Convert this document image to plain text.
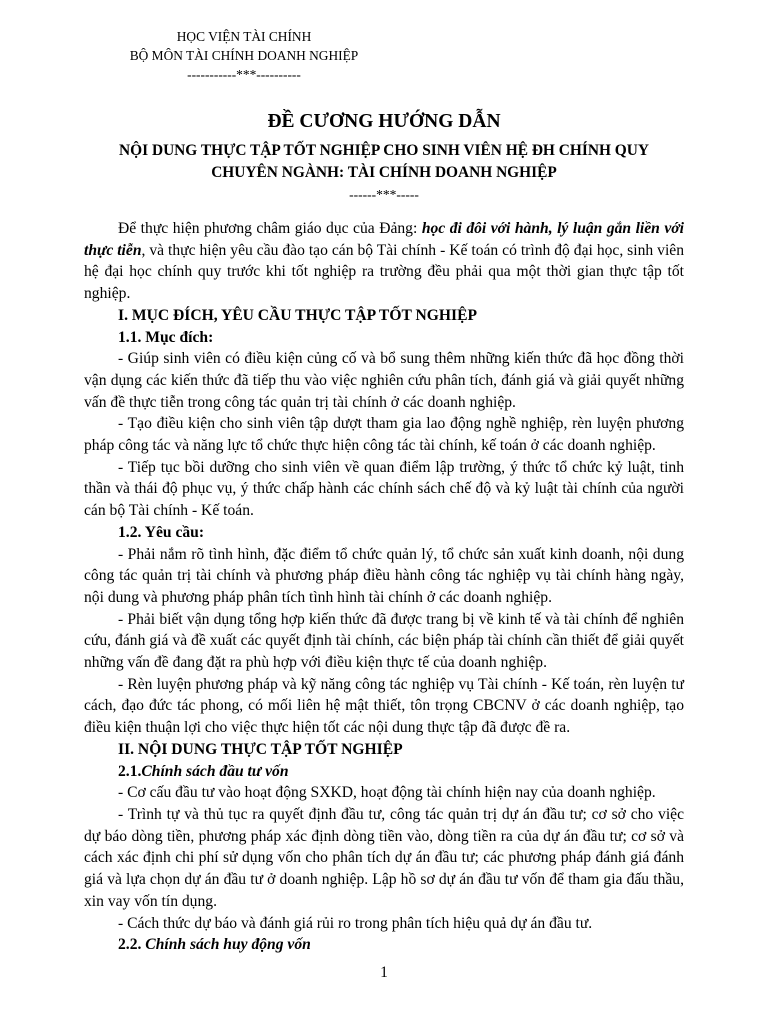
HỌC VIỆN TÀI CHÍNH
BỘ MÔN TÀI CHÍNH DOANH NGHIỆP
-----------***----------
ĐỀ CƯƠNG HƯỚNG DẪN
NỘI DUNG THỰC TẬP TỐT NGHIỆP CHO SINH VIÊN HỆ ĐH CHÍNH QUY
CHUYÊN NGÀNH: TÀI CHÍNH DOANH NGHIỆP
------***-----

Để thực hiện phương châm giáo dục của Đảng: học đi đôi với hành, lý luận gắn liền với thực tiễn, và thực hiện yêu cầu đào tạo cán bộ Tài chính - Kế toán có trình độ đại học, sinh viên hệ đại học chính quy trước khi tốt nghiệp ra trường đều phải qua một thời gian thực tập tốt nghiệp.

I. MỤC ĐÍCH, YÊU CẦU THỰC TẬP TỐT NGHIỆP
1.1. Mục đích:

- Giúp sinh viên có điều kiện củng cố và bổ sung thêm những kiến thức đã học đồng thời vận dụng các kiến thức đã tiếp thu vào việc nghiên cứu phân tích, đánh giá và giải quyết những vấn đề thực tiễn trong công tác quản trị tài chính ở các doanh nghiệp.

- Tạo điều kiện cho sinh viên tập dượt tham gia lao động nghề nghiệp, rèn luyện phương pháp công tác và năng lực tổ chức thực hiện công tác tài chính, kế toán ở các doanh nghiệp.

- Tiếp tục bồi dưỡng cho sinh viên về quan điểm lập trường, ý thức tổ chức kỷ luật, tinh thần và thái độ phục vụ, ý thức chấp hành các chính sách chế độ và kỷ luật tài chính của người cán bộ Tài chính - Kế toán.

1.2. Yêu cầu:

- Phải nắm rõ tình hình, đặc điểm tổ chức quản lý, tổ chức sản xuất kinh doanh, nội dung công tác quản trị tài chính và phương pháp điều hành công tác nghiệp vụ tài chính hàng ngày, nội dung và phương pháp phân tích tình hình tài chính ở các doanh nghiệp.

- Phải biết vận dụng tổng hợp kiến thức đã được trang bị về kinh tế và tài chính để nghiên cứu, đánh giá và đề xuất các quyết định tài chính, các biện pháp tài chính cần thiết để giải quyết những vấn đề đang đặt ra phù hợp với điều kiện thực tế của doanh nghiệp.

- Rèn luyện phương pháp và kỹ năng công tác nghiệp vụ Tài chính - Kế toán, rèn luyện tư cách, đạo đức tác phong, có mối liên hệ mật thiết, tôn trọng CBCNV ở các doanh nghiệp, tạo điều kiện thuận lợi cho việc thực hiện tốt các nội dung thực tập đã được đề ra.

II. NỘI DUNG THỰC TẬP TỐT NGHIỆP
2.1.Chính sách đầu tư vốn

- Cơ cấu đầu tư vào hoạt động SXKD, hoạt động tài chính hiện nay của doanh nghiệp.

- Trình tự và thủ tục ra quyết định đầu tư, công tác quản trị dự án đầu tư; cơ sở cho việc dự báo dòng tiền, phương pháp xác định dòng tiền vào, dòng tiền ra của dự án đầu tư; cơ sở và cách xác định chi phí sử dụng vốn cho phân tích dự án đầu tư; các phương pháp đánh giá đánh giá và lựa chọn dự án đầu tư ở doanh nghiệp. Lập hồ sơ dự án đầu tư vốn để tham gia đấu thầu, xin vay vốn tín dụng.

- Cách thức dự báo và đánh giá rủi ro trong phân tích hiệu quả dự án đầu tư.

2.2. Chính sách huy động vốn
1
